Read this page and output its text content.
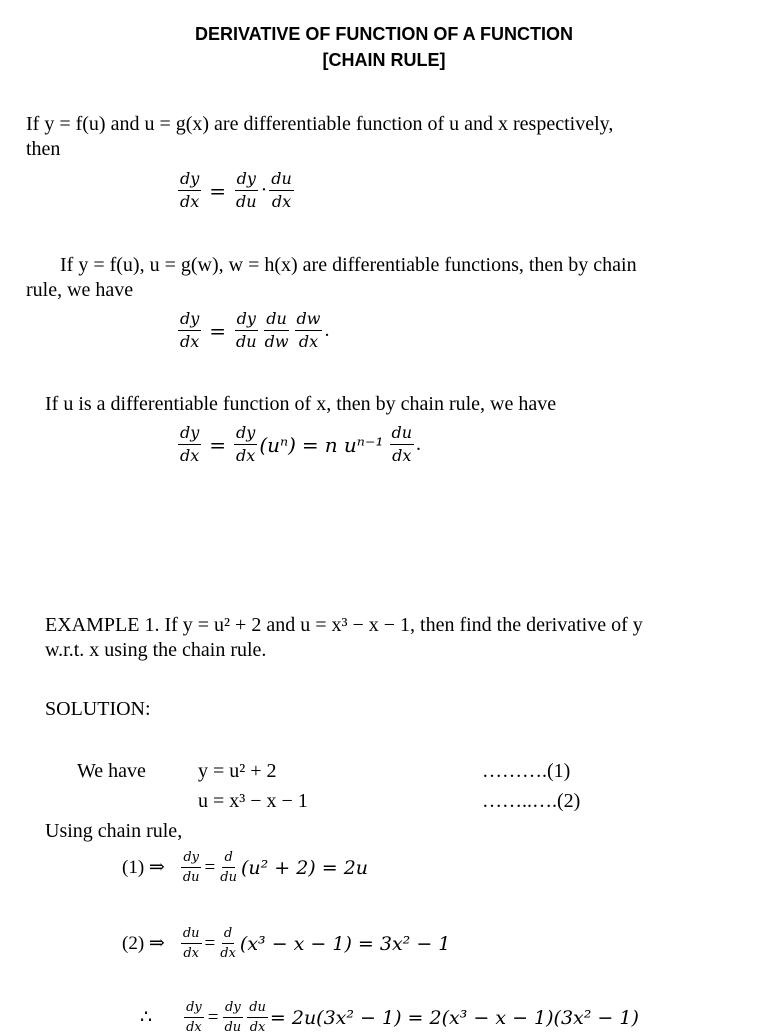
DERIVATIVE OF FUNCTION OF A FUNCTION
[CHAIN RULE]
If y = f(u) and u = g(x) are differentiable function of u and x respectively,
then
$\frac{dy}{dx} = \frac{dy}{du} \cdot \frac{du}{dx}$
If y = f(u), u = g(w), w = h(x) are differentiable functions, then by chain
rule, we have
$\frac{dy}{dx} = \frac{dy}{du} \frac{du}{dw} \frac{dw}{dx}$ .
If u is a differentiable function of x, then by chain rule, we have
$\frac{dy}{dx} = \frac{dy}{dx} (u^n) = n$ $u^{n-1} \frac{du}{dx}$ .
EXAMPLE 1. If y = u² + 2 and u = x³ − x − 1, then find the derivative of y
w.r.t. x using the chain rule.
SOLUTION:
We have	y = u² + 2	……….(1)
u = x³ − x − 1	……..….(2)
Using chain rule,
(1) ⇒ $\frac{dy}{du} = \frac{d}{du} (u^2 + 2) = 2u$
(2) ⇒ $\frac{du}{dx} = \frac{d}{dx} (x^3 - x - 1) = 3x^2 - 1$
∴ $\frac{dy}{dx} = \frac{dy}{du} \frac{du}{dx} = 2u(3x^2 - 1) = 2(x^3 - x - 1)(3x^2 - 1)$
